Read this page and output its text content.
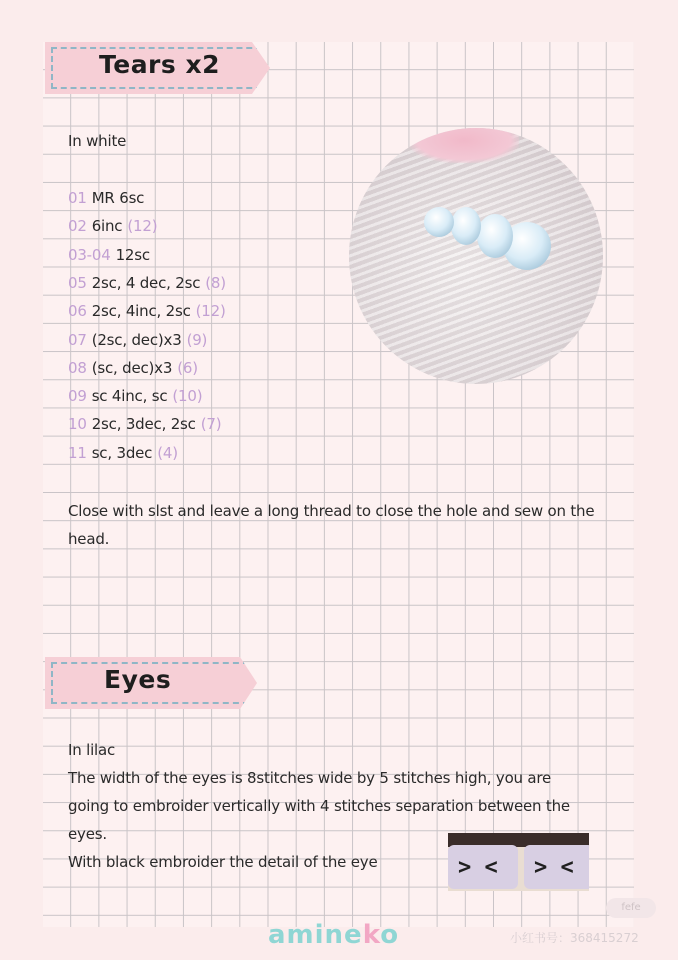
Tears x2
In white
01 MR 6sc
02 6inc (12)
03-04 12sc
05 2sc, 4 dec, 2sc (8)
06 2sc, 4inc, 2sc (12)
07 (2sc, dec)x3 (9)
08 (sc, dec)x3 (6)
09 sc 4inc, sc (10)
10 2sc, 3dec, 2sc (7)
11 sc, 3dec (4)
Close with slst and leave a long thread to close the hole and sew on the
head.
Eyes
In lilac
The width of the eyes is 8stitches wide by 5 stitches high, you are
going to embroider vertically with 4 stitches separation between the
eyes.
With black embroider the detail of the eye	> < > <
amineko
fefe
小红书号：368415272
